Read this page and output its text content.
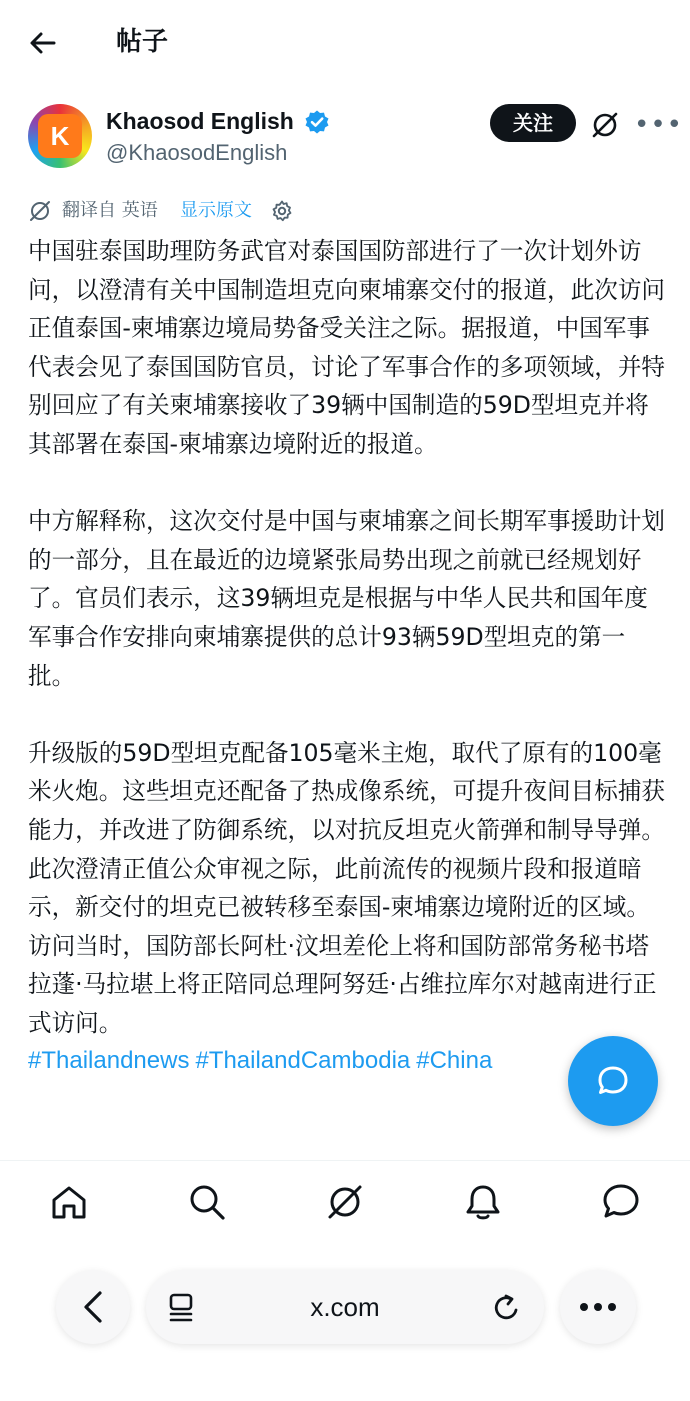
帖子
K	Khaosod English
@KhaosodEnglish
关注	•••
翻译自 英语 显示原文

中国驻泰国助理防务武官对泰国国防部进行了一次计划外访问，以澄清有关中国制造坦克向柬埔寨交付的报道，此次访问正值泰国-柬埔寨边境局势备受关注之际。据报道，中国军事代表会见了泰国国防官员，讨论了军事合作的多项领域，并特别回应了有关柬埔寨接收了39辆中国制造的59D型坦克并将其部署在泰国-柬埔寨边境附近的报道。

中方解释称，这次交付是中国与柬埔寨之间长期军事援助计划的一部分，且在最近的边境紧张局势出现之前就已经规划好了。官员们表示，这39辆坦克是根据与中华人民共和国年度军事合作安排向柬埔寨提供的总计93辆59D型坦克的第一批。

升级版的59D型坦克配备105毫米主炮，取代了原有的100毫米火炮。这些坦克还配备了热成像系统，可提升夜间目标捕获能力，并改进了防御系统，以对抗反坦克火箭弹和制导导弹。此次澄清正值公众审视之际，此前流传的视频片段和报道暗示，新交付的坦克已被转移至泰国-柬埔寨边境附近的区域。访问当时，国防部长阿杜·汶坦差伦上将和国防部常务秘书塔拉蓬·马拉堪上将正陪同总理阿努廷·占维拉库尔对越南进行正式访问。

#Thailandnews #ThailandCambodia #China

x.com
